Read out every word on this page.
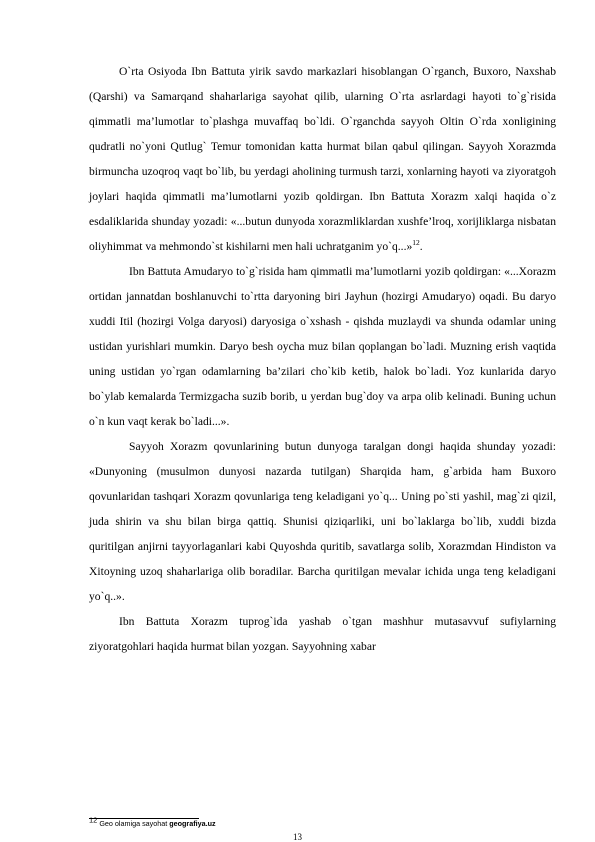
O`rta Osiyoda Ibn Battuta yirik savdo markazlari hisoblangan O`rganch, Buxoro, Naxshab (Qarshi) va Samarqand shaharlariga sayohat qilib, ularning O`rta asrlardagi hayoti to`g`risida qimmatli ma’lumotlar to`plashga muvaffaq bo`ldi. O`rganchda sayyoh Oltin O`rda xonligining qudratli no`yoni Qutlug` Temur tomonidan katta hurmat bilan qabul qilingan. Sayyoh Xorazmda birmuncha uzoqroq vaqt bo`lib, bu yerdagi aholining turmush tarzi, xonlarning hayoti va ziyoratgoh joylari haqida qimmatli ma’lumotlarni yozib qoldirgan. Ibn Battuta Xorazm xalqi haqida o`z esdaliklarida shunday yozadi: «...butun dunyoda xorazmliklardan xushfe’lroq, xorijliklarga nisbatan oliyhimmat va mehmondo`st kishilarni men hali uchratganim yo`q...»$^{12}$.

Ibn Battuta Amudaryo to`g`risida ham qimmatli ma’lumotlarni yozib qoldirgan: «...Xorazm ortidan jannatdan boshlanuvchi to`rtta daryoning biri Jayhun (hozirgi Amudaryo) oqadi. Bu daryo xuddi Itil (hozirgi Volga daryosi) daryosiga o`xshash - qishda muzlaydi va shunda odamlar uning ustidan yurishlari mumkin. Daryo besh oycha muz bilan qoplangan bo`ladi. Muzning erish vaqtida uning ustidan yo`rgan odamlarning ba’zilari cho`kib ketib, halok bo`ladi. Yoz kunlarida daryo bo`ylab kemalarda Termizgacha suzib borib, u yerdan bug`doy va arpa olib kelinadi. Buning uchun o`n kun vaqt kerak bo`ladi...».

Sayyoh Xorazm qovunlarining butun dunyoga taralgan dongi haqida shunday yozadi: «Dunyoning (musulmon dunyosi nazarda tutilgan) Sharqida ham, g`arbida ham Buxoro qovunlaridan tashqari Xorazm qovunlariga teng keladigani yo`q... Uning po`sti yashil, mag`zi qizil, juda shirin va shu bilan birga qattiq. Shunisi qiziqarliki, uni bo`laklarga bo`lib, xuddi bizda quritilgan anjirni tayyorlaganlari kabi Quyoshda quritib, savatlarga solib, Xorazmdan Hindiston va Xitoyning uzoq shaharlariga olib boradilar. Barcha quritilgan mevalar ichida unga teng keladigani yo`q..».

Ibn Battuta Xorazm tuprog`ida yashab o`tgan mashhur mutasavvuf sufiylarning ziyoratgohlari haqida hurmat bilan yozgan. Sayyohning xabar

$^{12}$ Geo olamiga sayohat geografiya.uz
13
